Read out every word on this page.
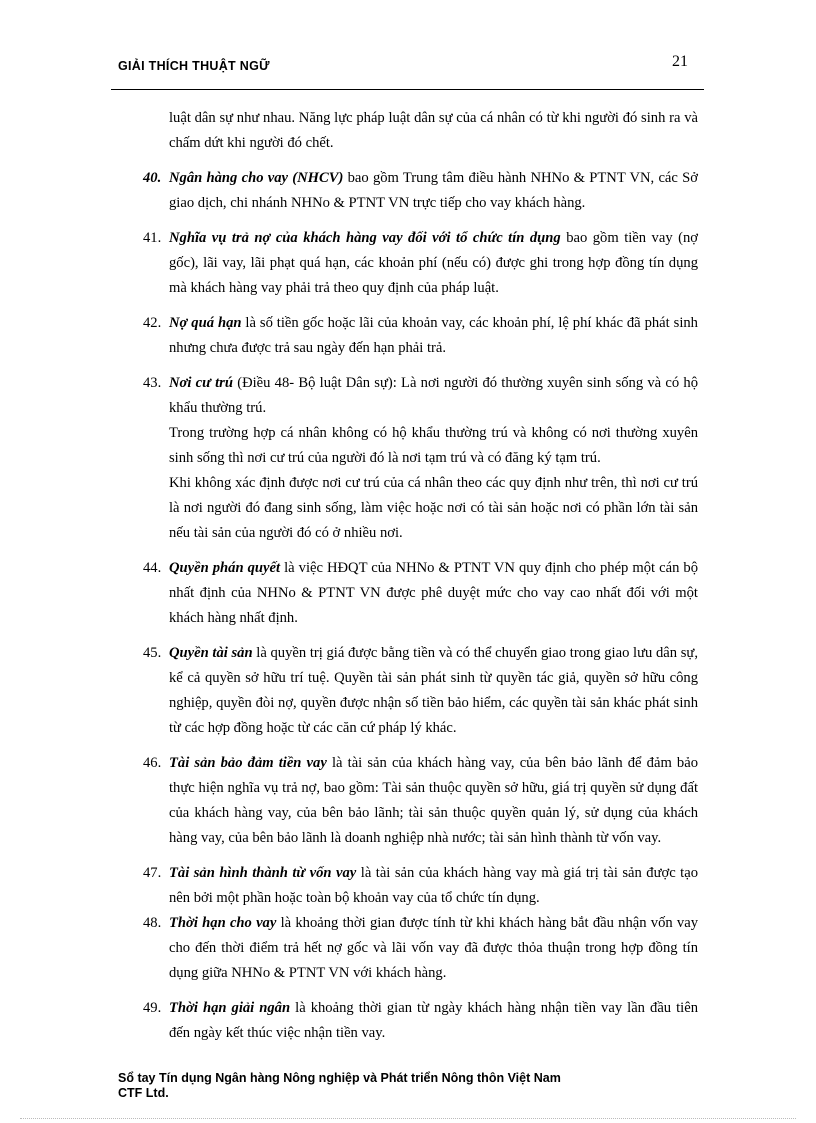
GIẢI THÍCH THUẬT NGỮ	21
luật dân sự như nhau. Năng lực pháp luật dân sự của cá nhân có từ khi người đó sinh ra và chấm dứt khi người đó chết.
40. Ngân hàng cho vay (NHCV) bao gồm Trung tâm điều hành NHNo & PTNT VN, các Sở giao dịch, chi nhánh NHNo & PTNT VN trực tiếp cho vay khách hàng.
41. Nghĩa vụ trả nợ của khách hàng vay đối với tổ chức tín dụng bao gồm tiền vay (nợ gốc), lãi vay, lãi phạt quá hạn, các khoản phí (nếu có) được ghi trong hợp đồng tín dụng mà khách hàng vay phải trả theo quy định của pháp luật.
42. Nợ quá hạn là số tiền gốc hoặc lãi của khoản vay, các khoản phí, lệ phí khác đã phát sinh nhưng chưa được trả sau ngày đến hạn phải trả.
43. Nơi cư trú (Điều 48- Bộ luật Dân sự): Là nơi người đó thường xuyên sinh sống và có hộ khẩu thường trú.
Trong trường hợp cá nhân không có hộ khẩu thường trú và không có nơi thường xuyên sinh sống thì nơi cư trú của người đó là nơi tạm trú và có đăng ký tạm trú.
Khi không xác định được nơi cư trú của cá nhân theo các quy định như trên, thì nơi cư trú là nơi người đó đang sinh sống, làm việc hoặc nơi có tài sản hoặc nơi có phần lớn tài sản nếu tài sản của người đó có ở nhiều nơi.
44. Quyền phán quyết là việc HĐQT của NHNo & PTNT VN quy định cho phép một cán bộ nhất định của NHNo & PTNT VN được phê duyệt mức cho vay cao nhất đối với một khách hàng nhất định.
45. Quyền tài sản là quyền trị giá được bằng tiền và có thể chuyển giao trong giao lưu dân sự, kể cả quyền sở hữu trí tuệ. Quyền tài sản phát sinh từ quyền tác giả, quyền sở hữu công nghiệp, quyền đòi nợ, quyền được nhận số tiền bảo hiểm, các quyền tài sản khác phát sinh từ các hợp đồng hoặc từ các căn cứ pháp lý khác.
46. Tài sản bảo đảm tiền vay là tài sản của khách hàng vay, của bên bảo lãnh để đảm bảo thực hiện nghĩa vụ trả nợ, bao gồm: Tài sản thuộc quyền sở hữu, giá trị quyền sử dụng đất của khách hàng vay, của bên bảo lãnh; tài sản thuộc quyền quản lý, sử dụng của khách hàng vay, của bên bảo lãnh là doanh nghiệp nhà nước; tài sản hình thành từ vốn vay.
47. Tài sản hình thành từ vốn vay là tài sản của khách hàng vay mà giá trị tài sản được tạo nên bởi một phần hoặc toàn bộ khoản vay của tổ chức tín dụng.
48. Thời hạn cho vay là khoảng thời gian được tính từ khi khách hàng bắt đầu nhận vốn vay cho đến thời điểm trả hết nợ gốc và lãi vốn vay đã được thỏa thuận trong hợp đồng tín dụng giữa NHNo & PTNT VN với khách hàng.
49. Thời hạn giải ngân là khoảng thời gian từ ngày khách hàng nhận tiền vay lần đầu tiên đến ngày kết thúc việc nhận tiền vay.
Sổ tay Tín dụng Ngân hàng Nông nghiệp và Phát triển Nông thôn Việt Nam
CTF Ltd.
